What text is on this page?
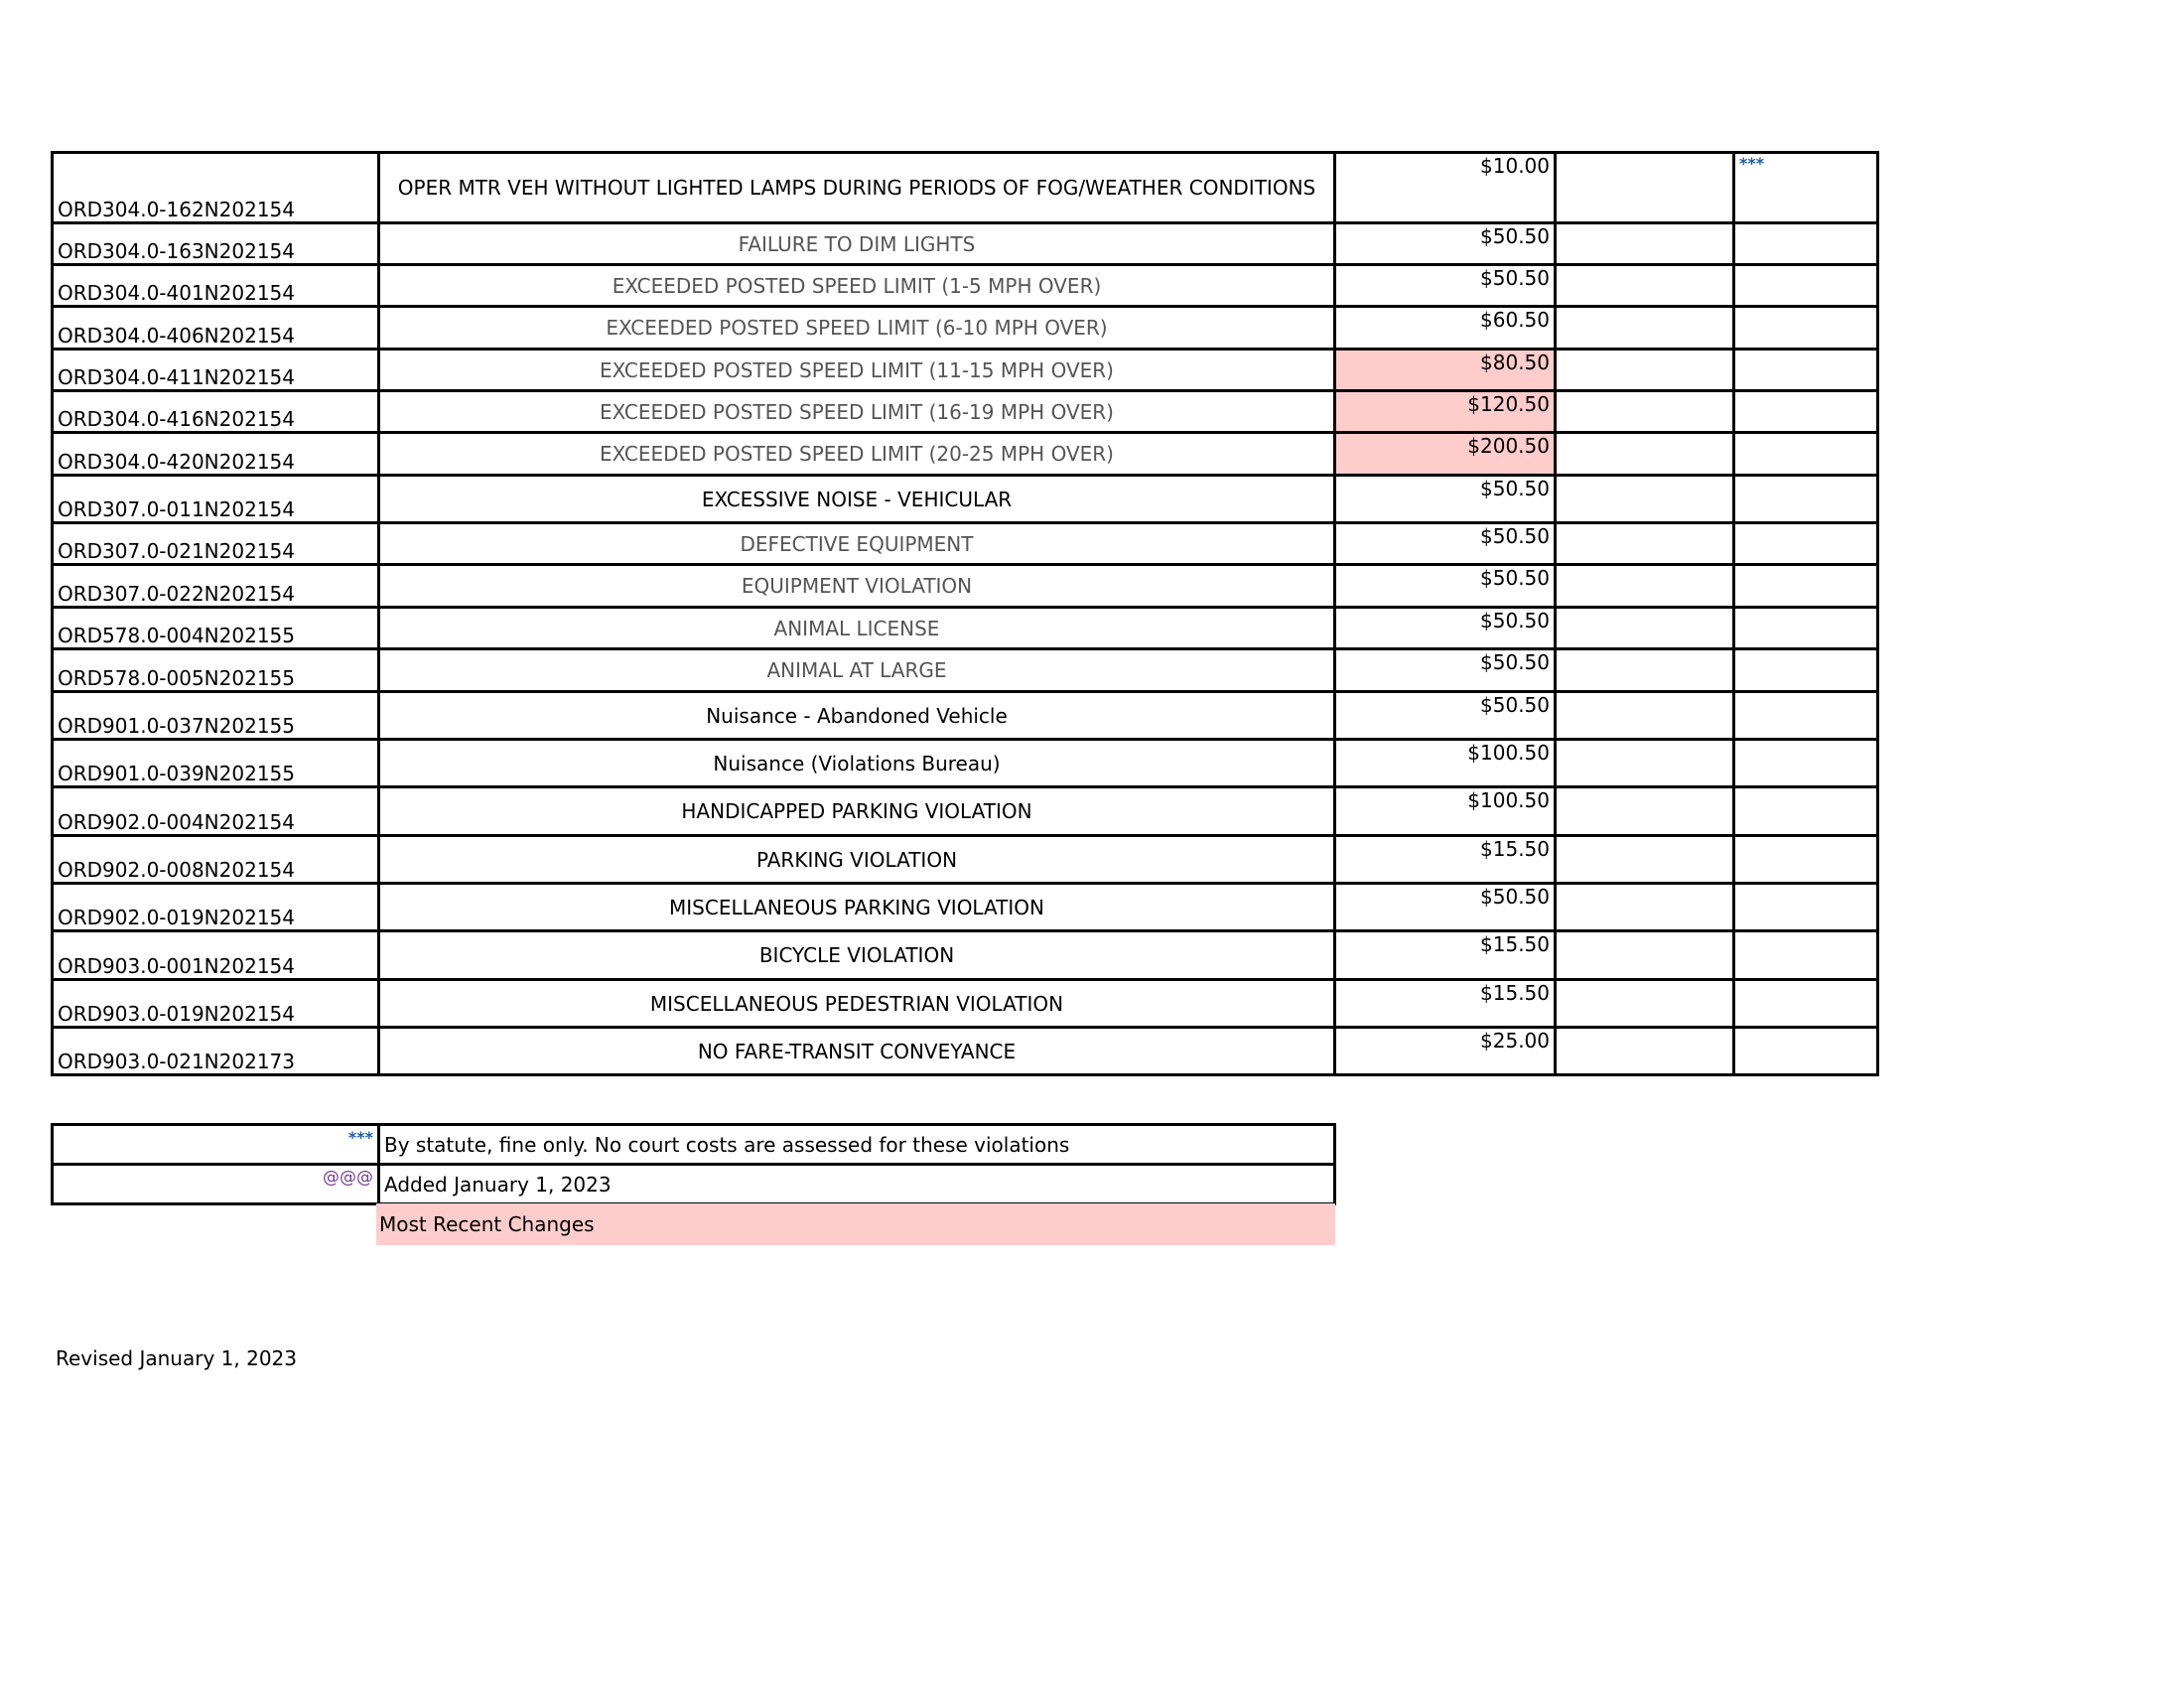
ORD304.0-162N202154	OPER MTR VEH WITHOUT LIGHTED LAMPS DURING PERIODS OF FOG/WEATHER CONDITIONS	$10.00		***
ORD304.0-163N202154	FAILURE TO DIM LIGHTS	$50.50		
ORD304.0-401N202154	EXCEEDED POSTED SPEED LIMIT (1-5 MPH OVER)	$50.50		
ORD304.0-406N202154	EXCEEDED POSTED SPEED LIMIT (6-10 MPH OVER)	$60.50		
ORD304.0-411N202154	EXCEEDED POSTED SPEED LIMIT (11-15 MPH OVER)	$80.50		
ORD304.0-416N202154	EXCEEDED POSTED SPEED LIMIT (16-19 MPH OVER)	$120.50		
ORD304.0-420N202154	EXCEEDED POSTED SPEED LIMIT (20-25 MPH OVER)	$200.50		
ORD307.0-011N202154	EXCESSIVE NOISE - VEHICULAR	$50.50		
ORD307.0-021N202154	DEFECTIVE EQUIPMENT	$50.50		
ORD307.0-022N202154	EQUIPMENT VIOLATION	$50.50		
ORD578.0-004N202155	ANIMAL LICENSE	$50.50		
ORD578.0-005N202155	ANIMAL AT LARGE	$50.50		
ORD901.0-037N202155	Nuisance - Abandoned Vehicle	$50.50		
ORD901.0-039N202155	Nuisance (Violations Bureau)	$100.50		
ORD902.0-004N202154	HANDICAPPED PARKING VIOLATION	$100.50		
ORD902.0-008N202154	PARKING VIOLATION	$15.50		
ORD902.0-019N202154	MISCELLANEOUS PARKING VIOLATION	$50.50		
ORD903.0-001N202154	BICYCLE VIOLATION	$15.50		
ORD903.0-019N202154	MISCELLANEOUS PEDESTRIAN VIOLATION	$15.50		
ORD903.0-021N202173	NO FARE-TRANSIT CONVEYANCE	$25.00		
***	By statute, fine only. No court costs are assessed for these violations
@@@	Added January 1, 2023
Most Recent Changes
Revised January 1, 2023
